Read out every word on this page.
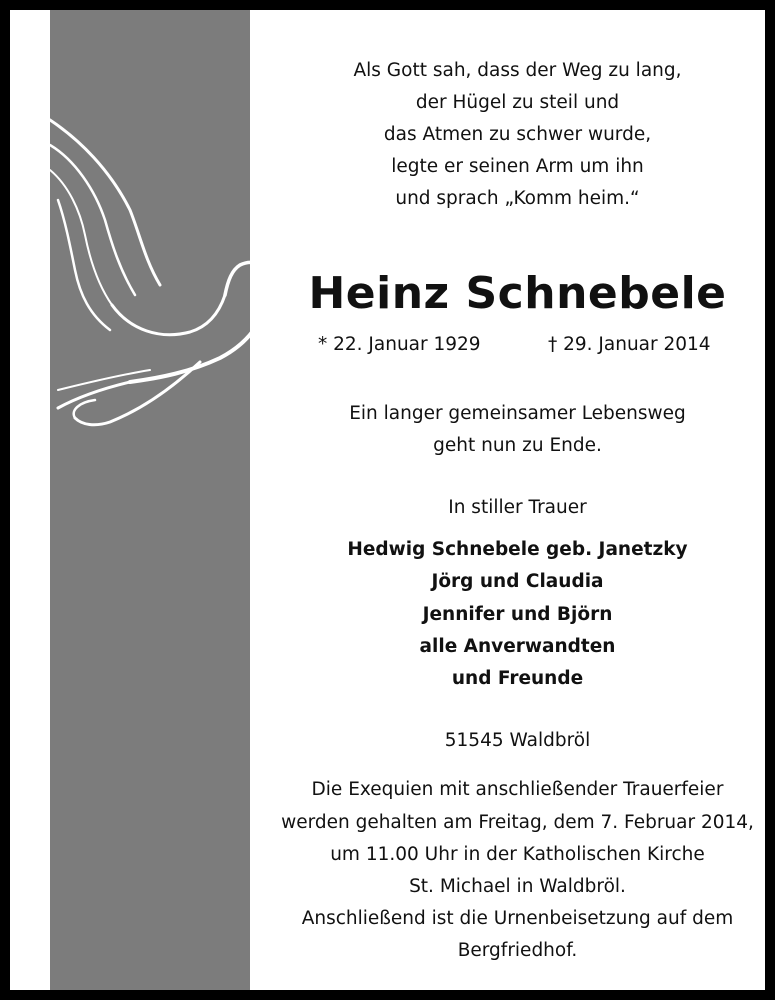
Als Gott sah, dass der Weg zu lang,
der Hügel zu steil und
das Atmen zu schwer wurde,
legte er seinen Arm um ihn
und sprach „Komm heim.“
Heinz Schnebele
* 22. Januar 1929	† 29. Januar 2014
Ein langer gemeinsamer Lebensweg
geht nun zu Ende.
In stiller Trauer
Hedwig Schnebele geb. Janetzky
Jörg und Claudia
Jennifer und Björn
alle Anverwandten
und Freunde
51545 Waldbröl
Die Exequien mit anschließender Trauerfeier
werden gehalten am Freitag, dem 7. Februar 2014,
um 11.00 Uhr in der Katholischen Kirche
St. Michael in Waldbröl.
Anschließend ist die Urnenbeisetzung auf dem
Bergfriedhof.
